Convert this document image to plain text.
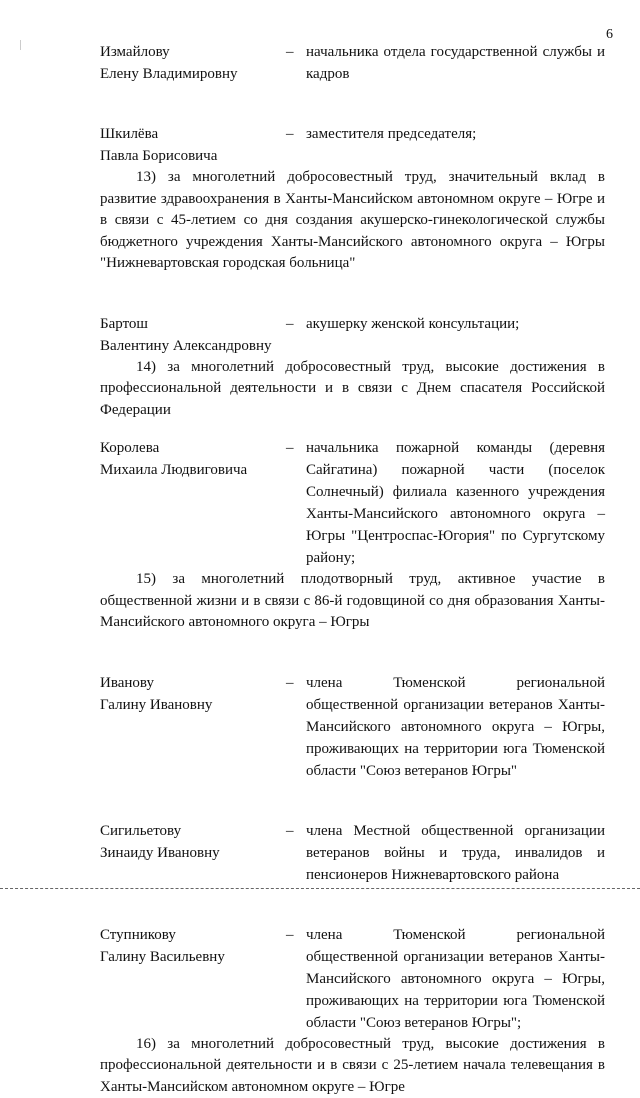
6
Измайлову
Елену Владимировну
– начальника отдела государственной службы и кадров
Шкилёва
Павла Борисовича
– заместителя председателя;
13) за многолетний добросовестный труд, значительный вклад в развитие здравоохранения в Ханты-Мансийском автономном округе – Югре и в связи с 45-летием со дня создания акушерско-гинекологической службы бюджетного учреждения Ханты-Мансийского автономного округа – Югры "Нижневартовская городская больница"
Бартош
Валентину Александровну
– акушерку женской консультации;
14) за многолетний добросовестный труд, высокие достижения в профессиональной деятельности и в связи с Днем спасателя Российской Федерации
Королева
Михаила Людвиговича
– начальника пожарной команды (деревня Сайгатина) пожарной части (поселок Солнечный) филиала казенного учреждения Ханты-Мансийского автономного округа – Югры "Центроспас-Югория" по Сургутскому району;
15) за многолетний плодотворный труд, активное участие в общественной жизни и в связи с 86-й годовщиной со дня образования Ханты-Мансийского автономного округа – Югры
Иванову
Галину Ивановну
– члена Тюменской региональной общественной организации ветеранов Ханты-Мансийского автономного округа – Югры, проживающих на территории юга Тюменской области "Союз ветеранов Югры"
Сигильетову
Зинаиду Ивановну
– члена Местной общественной организации ветеранов войны и труда, инвалидов и пенсионеров Нижневартовского района
Ступникову
Галину Васильевну
– члена Тюменской региональной общественной организации ветеранов Ханты-Мансийского автономного округа – Югры, проживающих на территории юга Тюменской области "Союз ветеранов Югры";
16) за многолетний добросовестный труд, высокие достижения в профессиональной деятельности и в связи с 25-летием начала телевещания в Ханты-Мансийском автономном округе – Югре
